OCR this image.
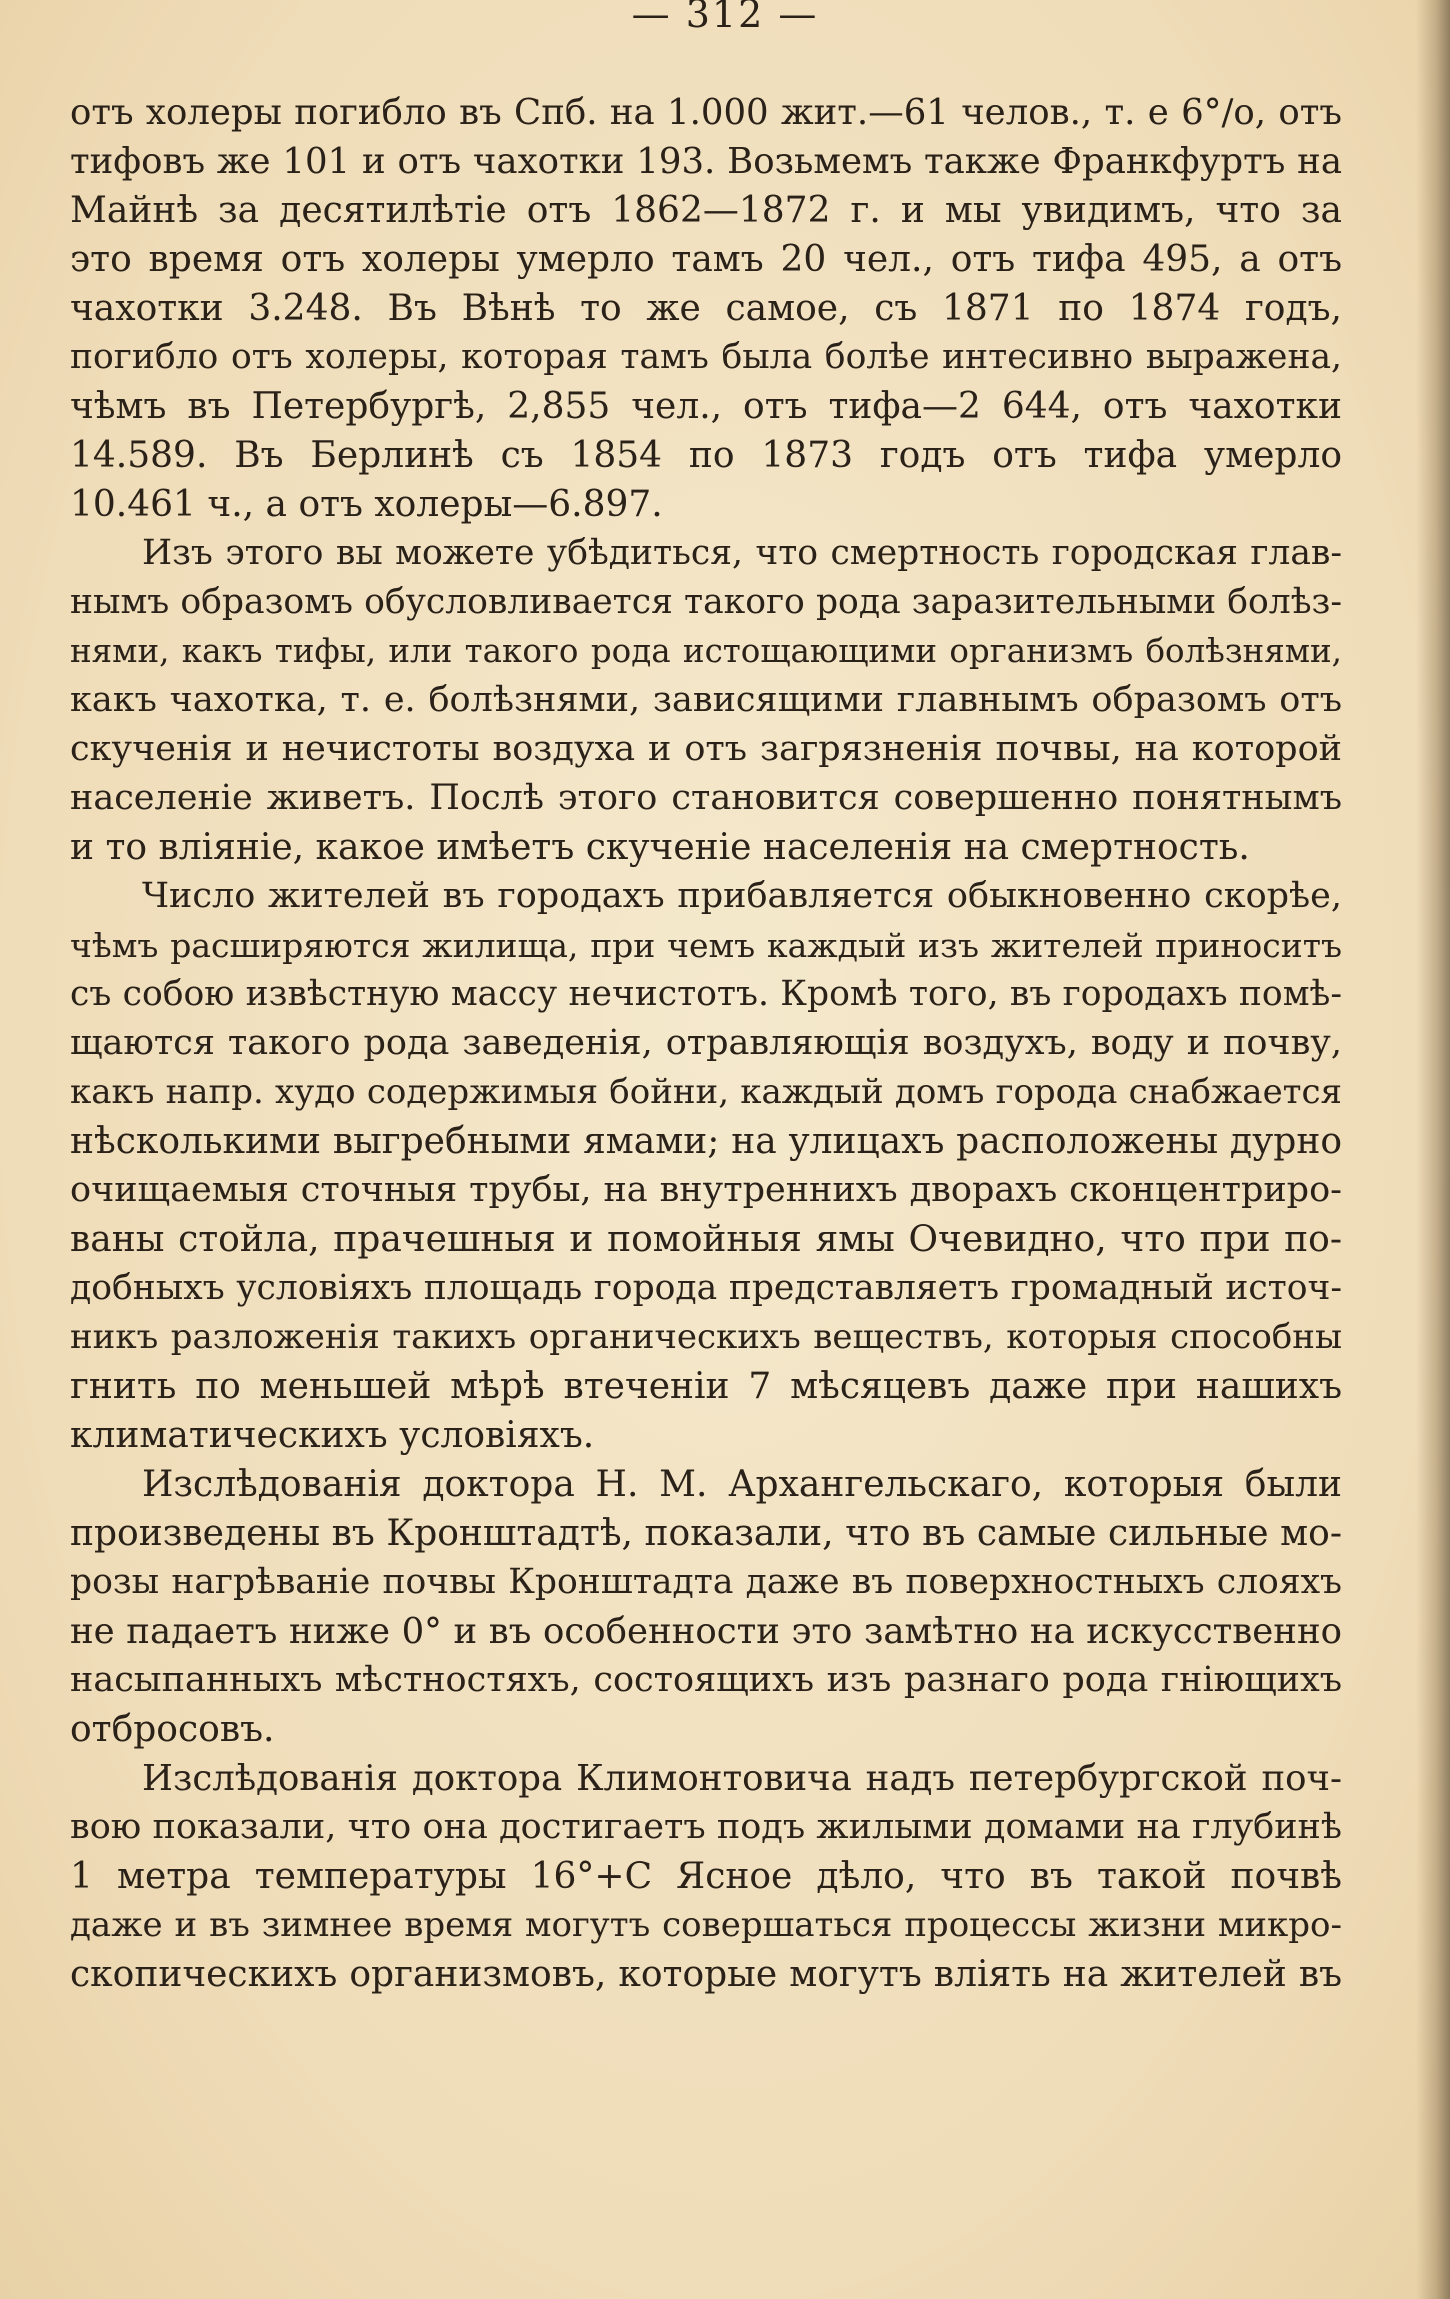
— 312 —
отъ холеры погибло въ Спб. на 1.000 жит.—61 челов., т. е 6°/о, отъ
тифовъ же 101 и отъ чахотки 193. Возьмемъ также Франкфуртъ на
Майнѣ за десятилѣтіе отъ 1862—1872 г. и мы увидимъ, что за
это время отъ холеры умерло тамъ 20 чел., отъ тифа 495, а отъ
чахотки 3.248. Въ Вѣнѣ то же самое, съ 1871 по 1874 годъ,
погибло отъ холеры, которая тамъ была болѣе интесивно выражена,
чѣмъ въ Петербургѣ, 2,855 чел., отъ тифа—2 644, отъ чахотки
14.589. Въ Берлинѣ съ 1854 по 1873 годъ отъ тифа умерло
10.461 ч., а отъ холеры—6.897.
Изъ этого вы можете убѣдиться, что смертность городская глав-
нымъ образомъ обусловливается такого рода заразительными болѣз-
нями, какъ тифы, или такого рода истощающими организмъ болѣзнями,
какъ чахотка, т. е. болѣзнями, зависящими главнымъ образомъ отъ
скученія и нечистоты воздуха и отъ загрязненія почвы, на которой
населеніе живетъ. Послѣ этого становится совершенно понятнымъ
и то вліяніе, какое имѣетъ скученіе населенія на смертность.
Число жителей въ городахъ прибавляется обыкновенно скорѣе,
чѣмъ расширяются жилища, при чемъ каждый изъ жителей приноситъ
съ собою извѣстную массу нечистотъ. Кромѣ того, въ городахъ помѣ-
щаются такого рода заведенія, отравляющія воздухъ, воду и почву,
какъ напр. худо содержимыя бойни, каждый домъ города снабжается
нѣсколькими выгребными ямами; на улицахъ расположены дурно
очищаемыя сточныя трубы, на внутреннихъ дворахъ сконцентриро-
ваны стойла, прачешныя и помойныя ямы Очевидно, что при по-
добныхъ условіяхъ площадь города представляетъ громадный источ-
никъ разложенія такихъ органическихъ веществъ, которыя способны
гнить по меньшей мѣрѣ втеченіи 7 мѣсяцевъ даже при нашихъ
климатическихъ условіяхъ.
Изслѣдованія доктора Н. М. Архангельскаго, которыя были
произведены въ Кронштадтѣ, показали, что въ самые сильные мо-
розы нагрѣваніе почвы Кронштадта даже въ поверхностныхъ слояхъ
не падаетъ ниже 0° и въ особенности это замѣтно на искусственно
насыпанныхъ мѣстностяхъ, состоящихъ изъ разнаго рода гніющихъ
отбросовъ.
Изслѣдованія доктора Климонтовича надъ петербургской поч-
вою показали, что она достигаетъ подъ жилыми домами на глубинѣ
1 метра температуры 16°+С Ясное дѣло, что въ такой почвѣ
даже и въ зимнее время могутъ совершаться процессы жизни микро-
скопическихъ организмовъ, которые могутъ вліять на жителей въ
